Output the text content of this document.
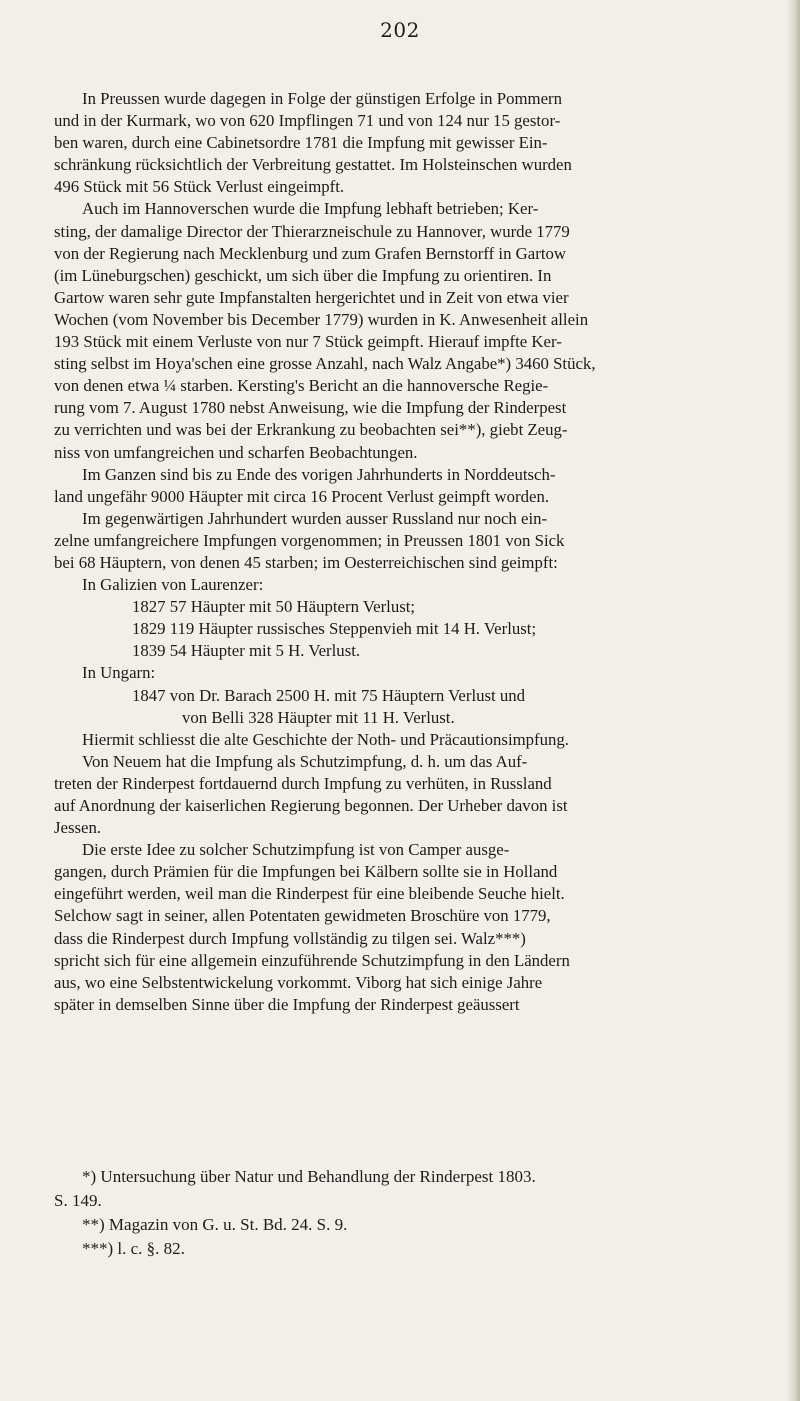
202
In Preussen wurde dagegen in Folge der günstigen Erfolge in Pommern
und in der Kurmark, wo von 620 Impflingen 71 und von 124 nur 15 gestor-
ben waren, durch eine Cabinetsordre 1781 die Impfung mit gewisser Ein-
schränkung rücksichtlich der Verbreitung gestattet. Im Holsteinschen wurden
496 Stück mit 56 Stück Verlust eingeimpft.
Auch im Hannoverschen wurde die Impfung lebhaft betrieben; Ker-
sting, der damalige Director der Thierarzneischule zu Hannover, wurde 1779
von der Regierung nach Mecklenburg und zum Grafen Bernstorff in Gartow
(im Lüneburgschen) geschickt, um sich über die Impfung zu orientiren. In
Gartow waren sehr gute Impfanstalten hergerichtet und in Zeit von etwa vier
Wochen (vom November bis December 1779) wurden in K. Anwesenheit allein
193 Stück mit einem Verluste von nur 7 Stück geimpft. Hierauf impfte Ker-
sting selbst im Hoya'schen eine grosse Anzahl, nach Walz Angabe*) 3460 Stück,
von denen etwa ¼ starben. Kersting's Bericht an die hannoversche Regie-
rung vom 7. August 1780 nebst Anweisung, wie die Impfung der Rinderpest
zu verrichten und was bei der Erkrankung zu beobachten sei**), giebt Zeug-
niss von umfangreichen und scharfen Beobachtungen.
Im Ganzen sind bis zu Ende des vorigen Jahrhunderts in Norddeutsch-
land ungefähr 9000 Häupter mit circa 16 Procent Verlust geimpft worden.
Im gegenwärtigen Jahrhundert wurden ausser Russland nur noch ein-
zelne umfangreichere Impfungen vorgenommen; in Preussen 1801 von Sick
bei 68 Häuptern, von denen 45 starben; im Oesterreichischen sind geimpft:
In Galizien von Laurenzer:
1827 57 Häupter mit 50 Häuptern Verlust;
1829 119 Häupter russisches Steppenvieh mit 14 H. Verlust;
1839 54 Häupter mit 5 H. Verlust.
In Ungarn:
1847 von Dr. Barach 2500 H. mit 75 Häuptern Verlust und
von Belli 328 Häupter mit 11 H. Verlust.
Hiermit schliesst die alte Geschichte der Noth- und Präcautionsimpfung.
Von Neuem hat die Impfung als Schutzimpfung, d. h. um das Auf-
treten der Rinderpest fortdauernd durch Impfung zu verhüten, in Russland
auf Anordnung der kaiserlichen Regierung begonnen. Der Urheber davon ist
Jessen.
Die erste Idee zu solcher Schutzimpfung ist von Camper ausge-
gangen, durch Prämien für die Impfungen bei Kälbern sollte sie in Holland
eingeführt werden, weil man die Rinderpest für eine bleibende Seuche hielt.
Selchow sagt in seiner, allen Potentaten gewidmeten Broschüre von 1779,
dass die Rinderpest durch Impfung vollständig zu tilgen sei. Walz***)
spricht sich für eine allgemein einzuführende Schutzimpfung in den Ländern
aus, wo eine Selbstentwickelung vorkommt. Viborg hat sich einige Jahre
später in demselben Sinne über die Impfung der Rinderpest geäussert
*) Untersuchung über Natur und Behandlung der Rinderpest 1803.
S. 149.
**) Magazin von G. u. St. Bd. 24. S. 9.
***) l. c. §. 82.
